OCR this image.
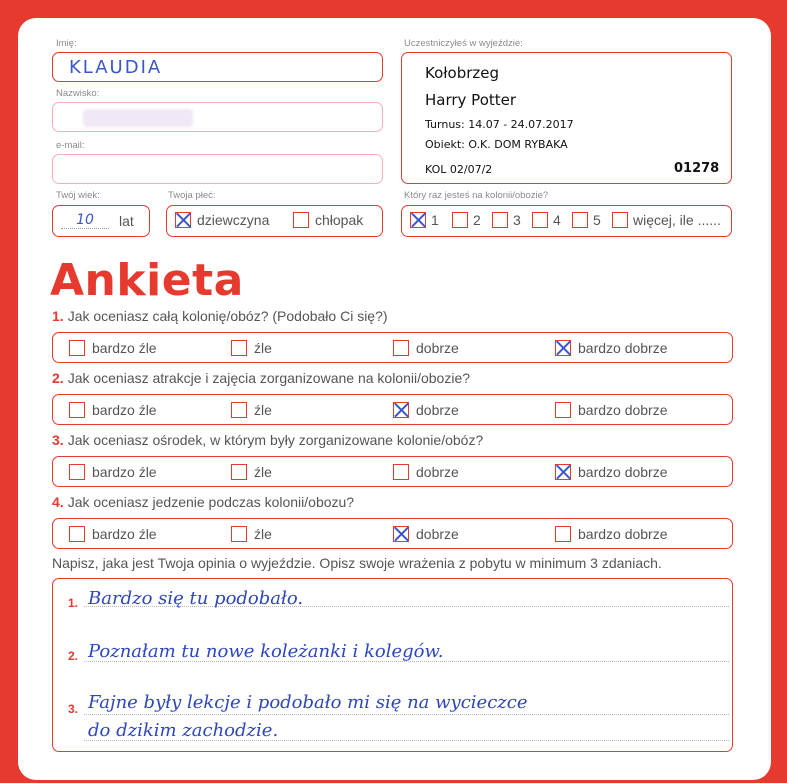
Imię:
KLAUDIA
Nazwisko:
e-mail:
Twój wiek:
10	lat
Twoja płeć:
dziewczyna	chłopak
Uczestniczyłeś w wyjeździe:
Kołobrzeg
Harry Potter
Turnus: 14.07 - 24.07.2017
Obiekt: O.K. DOM RYBAKA
KOL 02/07/2	01278
Który raz jesteś na kolonii/obozie?
1 2 3 4 5 więcej, ile ......
Ankieta
1. Jak oceniasz całą kolonię/obóz? (Podobało Ci się?)
bardzo źle	źle	dobrze	bardzo dobrze
2. Jak oceniasz atrakcje i zajęcia zorganizowane na kolonii/obozie?
bardzo źle	źle	dobrze	bardzo dobrze
3. Jak oceniasz ośrodek, w którym były zorganizowane kolonie/obóz?
bardzo źle	źle	dobrze	bardzo dobrze
4. Jak oceniasz jedzenie podczas kolonii/obozu?
bardzo źle	źle	dobrze	bardzo dobrze
Napisz, jaka jest Twoja opinia o wyjeździe. Opisz swoje wrażenia z pobytu w minimum 3 zdaniach.
1. Bardzo się tu podobało.
2. Poznałam tu nowe koleżanki i kolegów.
3. Fajne były lekcje i podobało mi się na wycieczce
do dzikim zachodzie.
